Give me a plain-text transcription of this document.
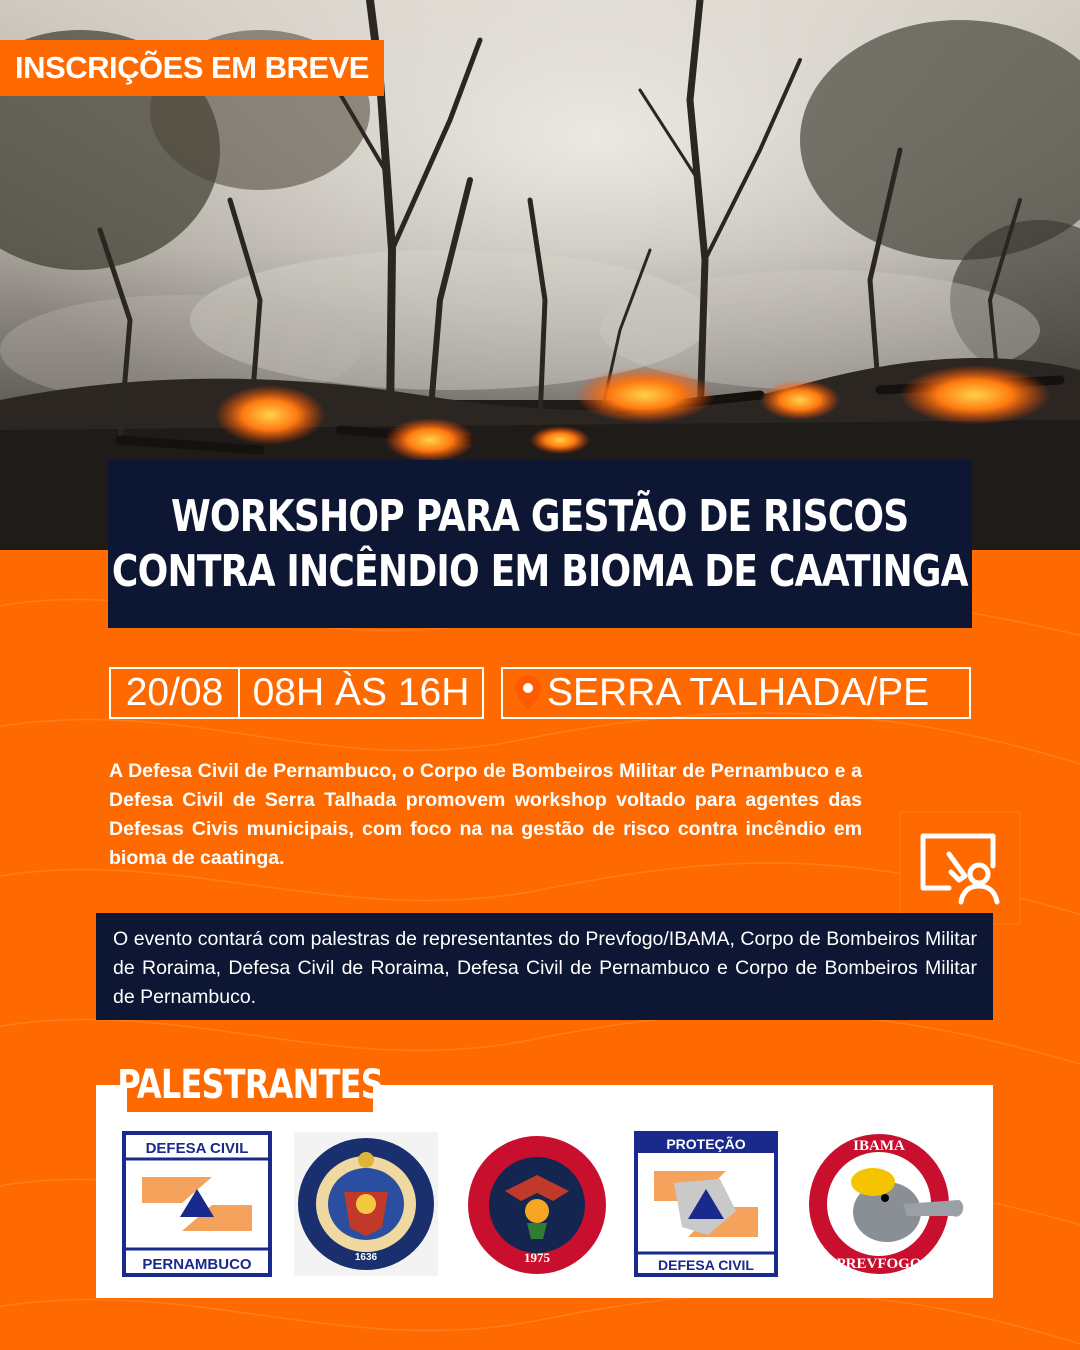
INSCRIÇÕES EM BREVE
WORKSHOP PARA GESTÃO DE RISCOS
CONTRA INCÊNDIO EM BIOMA DE CAATINGA
20/08 08H ÀS 16H	SERRA TALHADA/PE
A Defesa Civil de Pernambuco, o Corpo de Bombeiros Militar de Pernambuco e a Defesa Civil de Serra Talhada promovem workshop voltado para agentes das Defesas Civis municipais, com foco na na gestão de risco contra incêndio em bioma de caatinga.
O evento contará com palestras de representantes do Prevfogo/IBAMA, Corpo de Bombeiros Militar de Roraima, Defesa Civil de Roraima, Defesa Civil de Pernambuco e Corpo de Bombeiros Militar de Pernambuco.
PALESTRANTES
DEFESA CIVIL
PERNAMBUCO	1636	1975
PROTEÇÃO
DEFESA CIVIL
IBAMA
PREVFOGO
